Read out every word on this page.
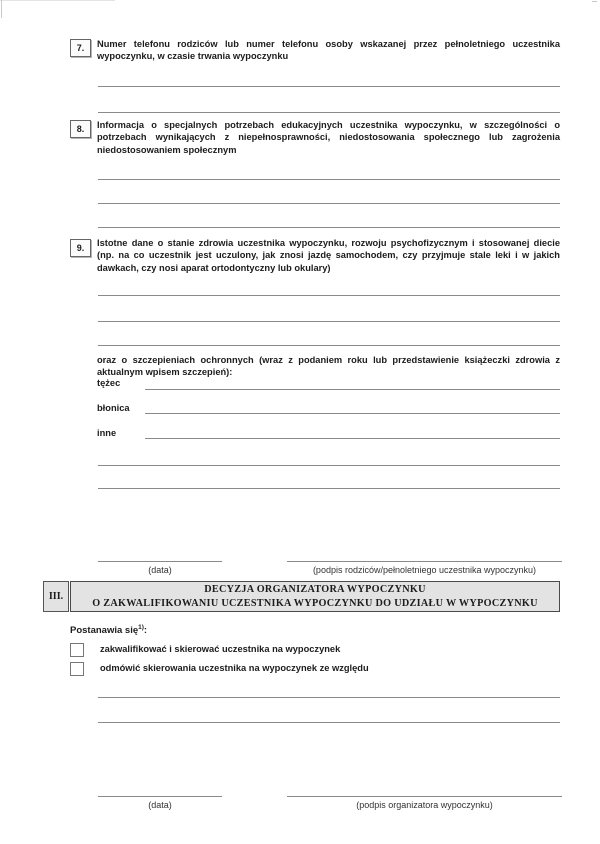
7. Numer telefonu rodziców lub numer telefonu osoby wskazanej przez pełnoletniego uczestnika wypoczynku, w czasie trwania wypoczynku
8. Informacja o specjalnych potrzebach edukacyjnych uczestnika wypoczynku, w szczególności o potrzebach wynikających z niepełnosprawności, niedostosowania społecznego lub zagrożenia niedostosowaniem społecznym
9. Istotne dane o stanie zdrowia uczestnika wypoczynku, rozwoju psychofizycznym i stosowanej diecie (np. na co uczestnik jest uczulony, jak znosi jazdę samochodem, czy przyjmuje stale leki i w jakich dawkach, czy nosi aparat ortodontyczny lub okulary)
oraz o szczepieniach ochronnych (wraz z podaniem roku lub przedstawienie książeczki zdrowia z aktualnym wpisem szczepień):
tężec
błonica
inne
(data)	(podpis rodziców/pełnoletniego uczestnika wypoczynku)
III.
DECYZJA ORGANIZATORA WYPOCZYNKU
O ZAKWALIFIKOWANIU UCZESTNIKA WYPOCZYNKU DO UDZIAŁU W WYPOCZYNKU
Postanawia się$^{1)}$:
zakwalifikować i skierować uczestnika na wypoczynek
odmówić skierowania uczestnika na wypoczynek ze względu
(data)	(podpis organizatora wypoczynku)
